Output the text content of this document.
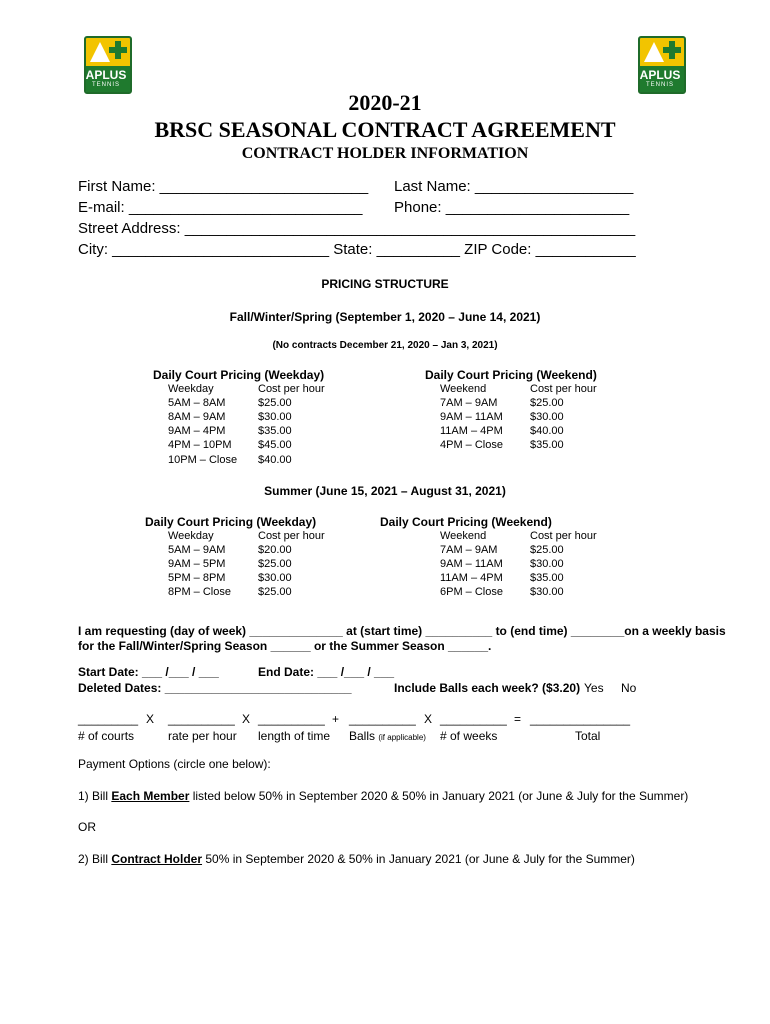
APLUS
TENNIS
APLUS
TENNIS
2020-21
BRSC SEASONAL CONTRACT AGREEMENT
CONTRACT HOLDER INFORMATION
First Name: _________________________ Last Name: ___________________
E-mail: ____________________________ Phone: ______________________
Street Address: ______________________________________________________
City: __________________________ State: __________ ZIP Code: ____________
PRICING STRUCTURE
Fall/Winter/Spring (September 1, 2020 – June 14, 2021)
(No contracts December 21, 2020 – Jan 3, 2021)
Daily Court Pricing (Weekday)
Weekday	Cost per hour
5AM – 8AM	$25.00
8AM – 9AM	$30.00
9AM – 4PM	$35.00
4PM – 10PM $45.00
10PM – Close $40.00
Daily Court Pricing (Weekend)
Weekend	Cost per hour
7AM – 9AM	$25.00
9AM – 11AM $30.00
11AM – 4PM $40.00
4PM – Close $35.00
Summer (June 15, 2021 – August 31, 2021)
Daily Court Pricing (Weekday)
Weekday	Cost per hour
5AM – 9AM	$20.00
9AM – 5PM	$25.00
5PM – 8PM	$30.00
8PM – Close $25.00
Daily Court Pricing (Weekend)
Weekend	Cost per hour
7AM – 9AM	$25.00
9AM – 11AM $30.00
11AM – 4PM $35.00
6PM – Close $30.00
I am requesting (day of week) ______________ at (start time) __________ to (end time) ________on a weekly basis
for the Fall/Winter/Spring Season ______ or the Summer Season ______.
Start Date: ___ /___ / ___	End Date: ___ /___ / ___
Deleted Dates: ____________________________	Include Balls each week? ($3.20) Yes No
_________ X __________ X __________ + __________ X __________ = _______________
# of courts	rate per hour length of time Balls (if applicable) # of weeks	Total
Payment Options (circle one below):
1) Bill Each Member listed below 50% in September 2020 & 50% in January 2021 (or June & July for the Summer)
OR
2) Bill Contract Holder 50% in September 2020 & 50% in January 2021 (or June & July for the Summer)
